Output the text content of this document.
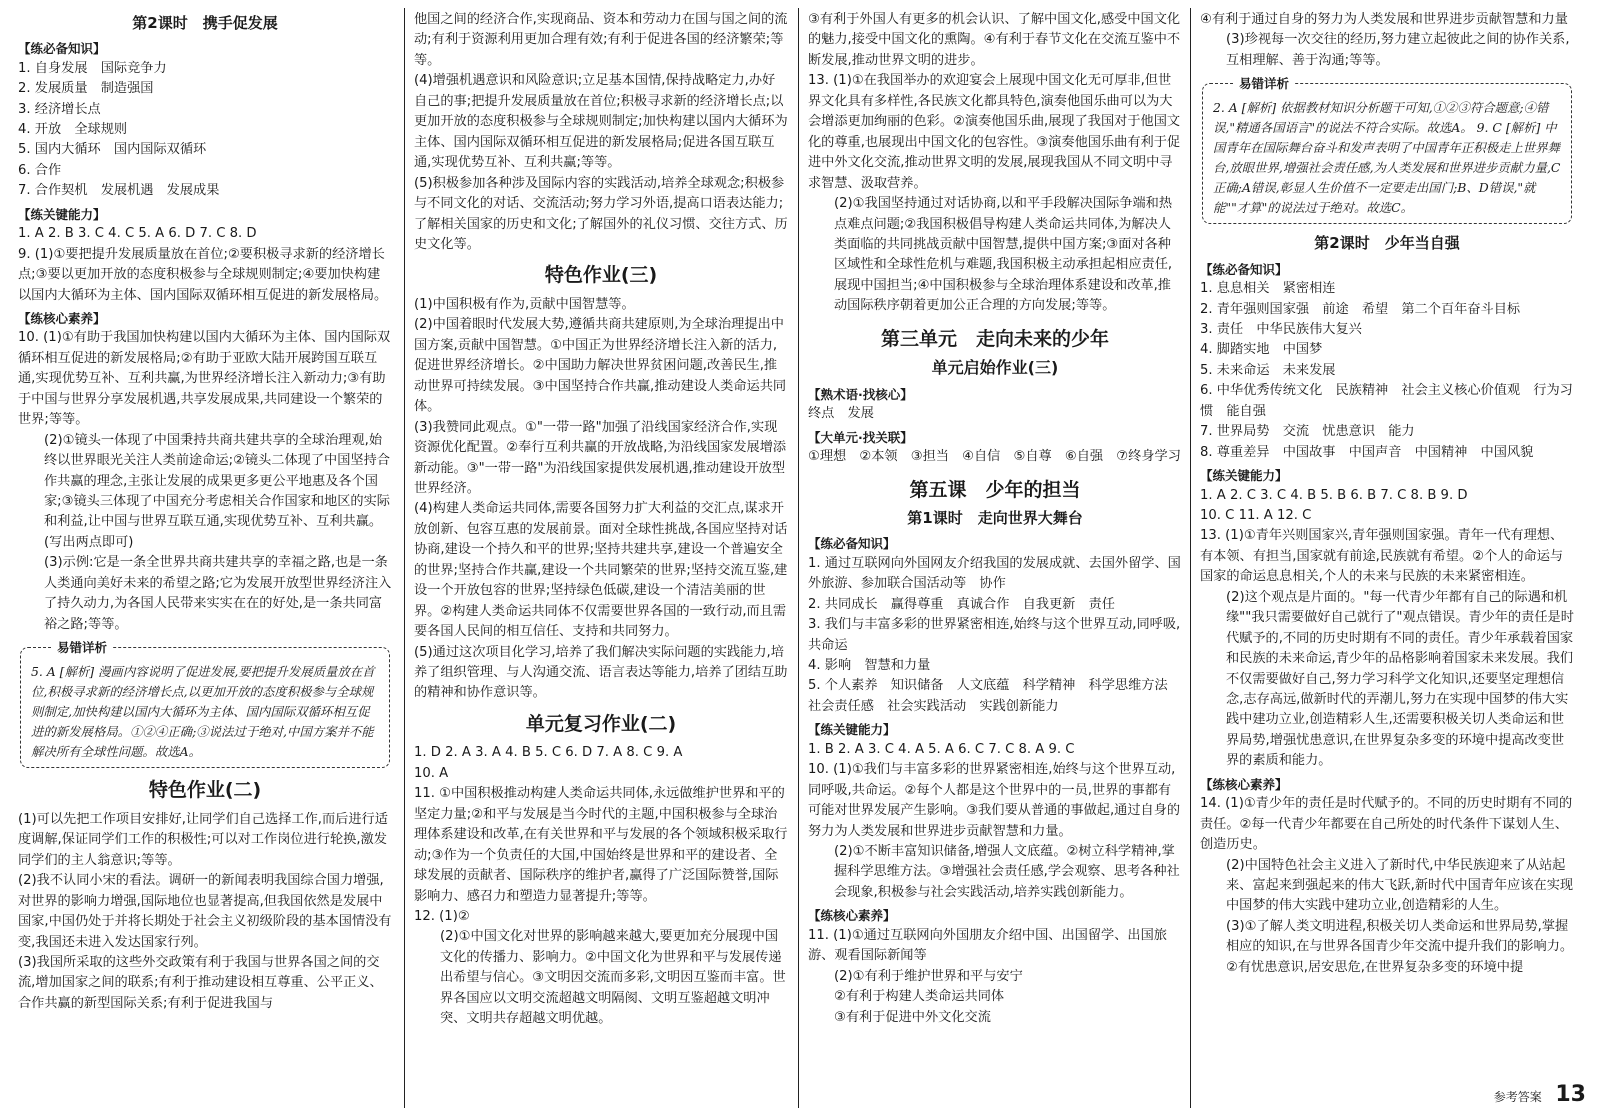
第2课时　携手促发展
【练必备知识】
1. 自身发展　国际竞争力
2. 发展质量　制造强国
3. 经济增长点
4. 开放　全球规则
5. 国内大循环　国内国际双循环
6. 合作
7. 合作契机　发展机遇　发展成果
【练关键能力】
1. A 2. B 3. C 4. C 5. A 6. D 7. C 8. D
9. (1)①要把提升发展质量放在首位;②要积极寻求新的经济增长点;③要以更加开放的态度积极参与全球规则制定;④要加快构建以国内大循环为主体、国内国际双循环相互促进的新发展格局。
【练核心素养】
10. (1)①有助于我国加快构建以国内大循环为主体、国内国际双循环相互促进的新发展格局;②有助于亚欧大陆开展跨国互联互通,实现优势互补、互利共赢,为世界经济增长注入新动力;③有助于中国与世界分享发展机遇,共享发展成果,共同建设一个繁荣的世界;等等。
(2)①镜头一体现了中国秉持共商共建共享的全球治理观,始终以世界眼光关注人类前途命运;②镜头二体现了中国坚持合作共赢的理念,主张让发展的成果更多更公平地惠及各个国家;③镜头三体现了中国充分考虑相关合作国家和地区的实际和利益,让中国与世界互联互通,实现优势互补、互利共赢。(写出两点即可)
(3)示例:它是一条全世界共商共建共享的幸福之路,也是一条人类通向美好未来的希望之路;它为发展开放型世界经济注入了持久动力,为各国人民带来实实在在的好处,是一条共同富裕之路;等等。
易错详析
5. A [解析] 漫画内容说明了促进发展,要把提升发展质量放在首位,积极寻求新的经济增长点,以更加开放的态度积极参与全球规则制定,加快构建以国内大循环为主体、国内国际双循环相互促进的新发展格局。①②④正确;③说法过于绝对,中国方案并不能解决所有全球性问题。故选A。
特色作业(二)
(1)可以先把工作项目安排好,让同学们自己选择工作,而后进行适度调解,保证同学们工作的积极性;可以对工作岗位进行轮换,激发同学们的主人翁意识;等等。
(2)我不认同小宋的看法。调研一的新闻表明我国综合国力增强,对世界的影响力增强,国际地位也显著提高,但我国依然是发展中国家,中国仍处于并将长期处于社会主义初级阶段的基本国情没有变,我国还未进入发达国家行列。
(3)我国所采取的这些外交政策有利于我国与世界各国之间的交流,增加国家之间的联系;有利于推动建设相互尊重、公平正义、合作共赢的新型国际关系;有利于促进我国与
他国之间的经济合作,实现商品、资本和劳动力在国与国之间的流动;有利于资源利用更加合理有效;有利于促进各国的经济繁荣;等等。
(4)增强机遇意识和风险意识;立足基本国情,保持战略定力,办好自己的事;把提升发展质量放在首位;积极寻求新的经济增长点;以更加开放的态度积极参与全球规则制定;加快构建以国内大循环为主体、国内国际双循环相互促进的新发展格局;促进各国互联互通,实现优势互补、互利共赢;等等。
(5)积极参加各种涉及国际内容的实践活动,培养全球观念;积极参与不同文化的对话、交流活动;努力学习外语,提高口语表达能力;了解相关国家的历史和文化;了解国外的礼仪习惯、交往方式、历史文化等。
特色作业(三)
(1)中国积极有作为,贡献中国智慧等。
(2)中国着眼时代发展大势,遵循共商共建原则,为全球治理提出中国方案,贡献中国智慧。①中国正为世界经济增长注入新的活力,促进世界经济增长。②中国助力解决世界贫困问题,改善民生,推动世界可持续发展。③中国坚持合作共赢,推动建设人类命运共同体。
(3)我赞同此观点。①"一带一路"加强了沿线国家经济合作,实现资源优化配置。②奉行互利共赢的开放战略,为沿线国家发展增添新动能。③"一带一路"为沿线国家提供发展机遇,推动建设开放型世界经济。
(4)构建人类命运共同体,需要各国努力扩大利益的交汇点,谋求开放创新、包容互惠的发展前景。面对全球性挑战,各国应坚持对话协商,建设一个持久和平的世界;坚持共建共享,建设一个普遍安全的世界;坚持合作共赢,建设一个共同繁荣的世界;坚持交流互鉴,建设一个开放包容的世界;坚持绿色低碳,建设一个清洁美丽的世界。②构建人类命运共同体不仅需要世界各国的一致行动,而且需要各国人民间的相互信任、支持和共同努力。
(5)通过这次项目化学习,培养了我们解决实际问题的实践能力,培养了组织管理、与人沟通交流、语言表达等能力,培养了团结互助的精神和协作意识等。
单元复习作业(二)
1. D 2. A 3. A 4. B 5. C 6. D 7. A 8. C 9. A
10. A
11. ①中国积极推动构建人类命运共同体,永远做维护世界和平的坚定力量;②和平与发展是当今时代的主题,中国积极参与全球治理体系建设和改革,在有关世界和平与发展的各个领域积极采取行动;③作为一个负责任的大国,中国始终是世界和平的建设者、全球发展的贡献者、国际秩序的维护者,赢得了广泛国际赞誉,国际影响力、感召力和塑造力显著提升;等等。
12. (1)②
(2)①中国文化对世界的影响越来越大,要更加充分展现中国文化的传播力、影响力。②中国文化为世界和平与发展传递出希望与信心。③文明因交流而多彩,文明因互鉴而丰富。世界各国应以文明交流超越文明隔阂、文明互鉴超越文明冲突、文明共存超越文明优越。
③有利于外国人有更多的机会认识、了解中国文化,感受中国文化的魅力,接受中国文化的熏陶。④有利于春节文化在交流互鉴中不断发展,推动世界文明的进步。
13. (1)①在我国举办的欢迎宴会上展现中国文化无可厚非,但世界文化具有多样性,各民族文化都具特色,演奏他国乐曲可以为大会增添更加绚丽的色彩。②演奏他国乐曲,展现了我国对于他国文化的尊重,也展现出中国文化的包容性。③演奏他国乐曲有利于促进中外文化交流,推动世界文明的发展,展现我国从不同文明中寻求智慧、汲取营养。
(2)①我国坚持通过对话协商,以和平手段解决国际争端和热点难点问题;②我国积极倡导构建人类命运共同体,为解决人类面临的共同挑战贡献中国智慧,提供中国方案;③面对各种区域性和全球性危机与难题,我国积极主动承担起相应责任,展现中国担当;④中国积极参与全球治理体系建设和改革,推动国际秩序朝着更加公正合理的方向发展;等等。
第三单元　走向未来的少年
单元启始作业(三)
【熟术语·找核心】
终点　发展
【大单元·找关联】
①理想　②本领　③担当　④自信　⑤自尊　⑥自强　⑦终身学习
第五课　少年的担当
第1课时　走向世界大舞台
【练必备知识】
1. 通过互联网向外国网友介绍我国的发展成就、去国外留学、国外旅游、参加联合国活动等　协作
2. 共同成长　赢得尊重　真诚合作　自我更新　责任
3. 我们与丰富多彩的世界紧密相连,始终与这个世界互动,同呼吸,共命运
4. 影响　智慧和力量
5. 个人素养　知识储备　人文底蕴　科学精神　科学思维方法　社会责任感　社会实践活动　实践创新能力
【练关键能力】
1. B 2. A 3. C 4. A 5. A 6. C 7. C 8. A 9. C
10. (1)①我们与丰富多彩的世界紧密相连,始终与这个世界互动,同呼吸,共命运。②每个人都是这个世界中的一员,世界的事都有可能对世界发展产生影响。③我们要从普通的事做起,通过自身的努力为人类发展和世界进步贡献智慧和力量。
(2)①不断丰富知识储备,增强人文底蕴。②树立科学精神,掌握科学思维方法。③增强社会责任感,学会观察、思考各种社会现象,积极参与社会实践活动,培养实践创新能力。
【练核心素养】
11. (1)①通过互联网向外国朋友介绍中国、出国留学、出国旅游、观看国际新闻等
(2)①有利于维护世界和平与安宁
②有利于构建人类命运共同体
③有利于促进中外文化交流
④有利于通过自身的努力为人类发展和世界进步贡献智慧和力量
(3)珍视每一次交往的经历,努力建立起彼此之间的协作关系,互相理解、善于沟通;等等。
易错详析
2. A [解析] 依据教材知识分析题干可知,①②③符合题意;④错误,"精通各国语言"的说法不符合实际。故选A。 9. C [解析] 中国青年在国际舞台奋斗和发声表明了中国青年正积极走上世界舞台,放眼世界,增强社会责任感,为人类发展和世界进步贡献力量,C正确;A错误,彰显人生价值不一定要走出国门;B、D错误,"就能""才算"的说法过于绝对。故选C。
第2课时　少年当自强
【练必备知识】
1. 息息相关　紧密相连
2. 青年强则国家强　前途　希望　第二个百年奋斗目标
3. 责任　中华民族伟大复兴
4. 脚踏实地　中国梦
5. 未来命运　未来发展
6. 中华优秀传统文化　民族精神　社会主义核心价值观　行为习惯　能自强
7. 世界局势　交流　忧患意识　能力
8. 尊重差异　中国故事　中国声音　中国精神　中国风貌
【练关键能力】
1. A 2. C 3. C 4. B 5. B 6. B 7. C 8. B 9. D
10. C 11. A 12. C
13. (1)①青年兴则国家兴,青年强则国家强。青年一代有理想、有本领、有担当,国家就有前途,民族就有希望。②个人的命运与国家的命运息息相关,个人的未来与民族的未来紧密相连。
(2)这个观点是片面的。"每一代青少年都有自己的际遇和机缘""我只需要做好自己就行了"观点错误。青少年的责任是时代赋予的,不同的历史时期有不同的责任。青少年承载着国家和民族的未来命运,青少年的品格影响着国家未来发展。我们不仅需要做好自己,努力学习科学文化知识,还要坚定理想信念,志存高远,做新时代的弄潮儿,努力在实现中国梦的伟大实践中建功立业,创造精彩人生,还需要积极关切人类命运和世界局势,增强忧患意识,在世界复杂多变的环境中提高改变世界的素质和能力。
【练核心素养】
14. (1)①青少年的责任是时代赋予的。不同的历史时期有不同的责任。②每一代青少年都要在自己所处的时代条件下谋划人生、创造历史。
(2)中国特色社会主义进入了新时代,中华民族迎来了从站起来、富起来到强起来的伟大飞跃,新时代中国青年应该在实现中国梦的伟大实践中建功立业,创造精彩的人生。
(3)①了解人类文明进程,积极关切人类命运和世界局势,掌握相应的知识,在与世界各国青少年交流中提升我们的影响力。②有忧患意识,居安思危,在世界复杂多变的环境中提
参考答案 13
